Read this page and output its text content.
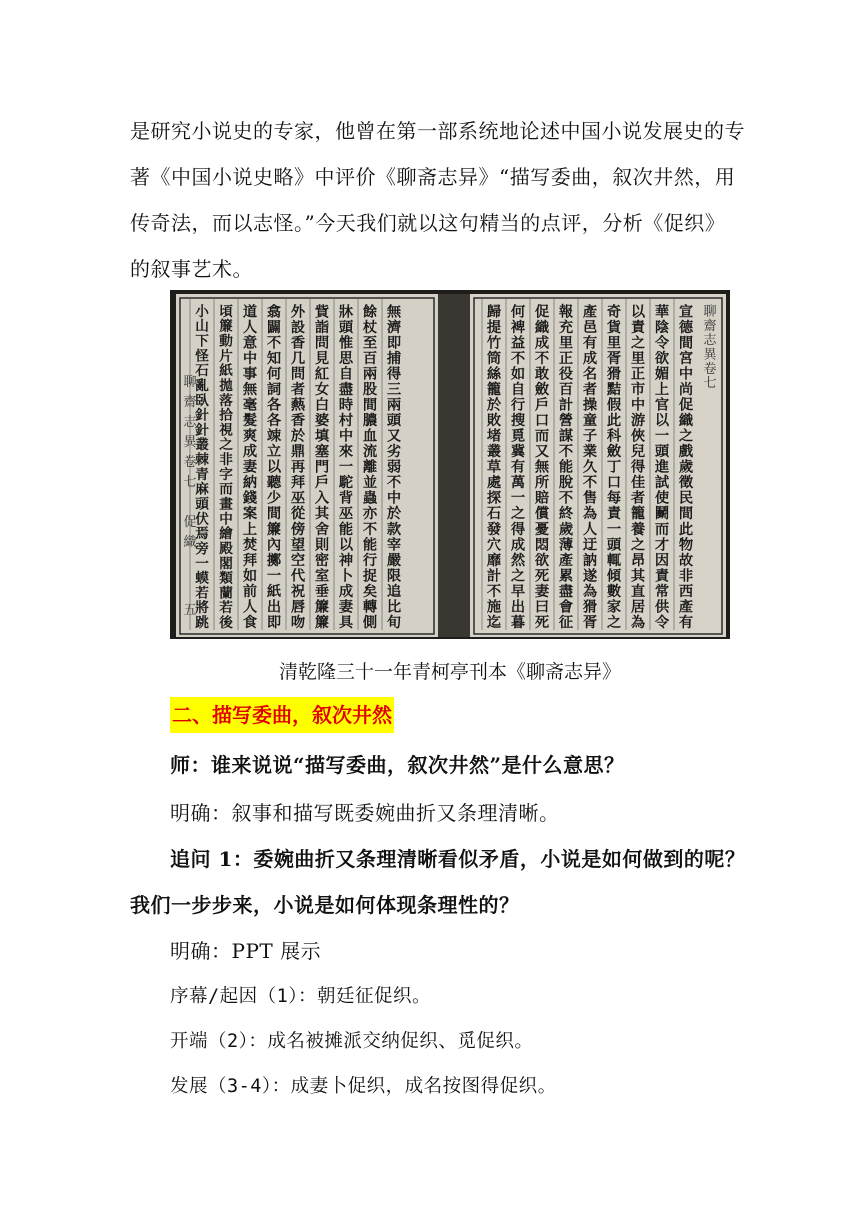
是研究小说史的专家，他曾在第一部系统地论述中国小说发展史的专
著《中国小说史略》中评价《聊斋志异》“描写委曲，叙次井然，用
传奇法，而以志怪。”今天我们就以这句精当的点评，分析《促织》
的叙事艺术。
無
濟
即
捕
得
三
兩
頭
又
劣
弱
不
中
於
款
宰
嚴
限
追
比
旬
餘
杖
至
百
兩
股
間
膿
血
流
離
並
蟲
亦
不
能
行
捉
矣
轉
側
牀
頭
惟
思
自
盡
時
村
中
來
一
駝
背
巫
能
以
神
卜
成
妻
具
貲
詣
問
見
紅
女
白
婆
填
塞
門
戶
入
其
舍
則
密
室
垂
簾
簾
外
設
香
几
問
者
爇
香
於
鼎
再
拜
巫
從
傍
望
空
代
祝
唇
吻
翕
闢
不
知
何
詞
各
各
竦
立
以
聽
少
間
簾
內
擲
一
紙
出
即
道
人
意
中
事
無
毫
髮
爽
成
妻
納
錢
案
上
焚
拜
如
前
人
食
頃
簾
動
片
紙
拋
落
拾
視
之
非
字
而
畫
中
繪
殿
閣
類
蘭
若
後
小
山
下
怪
石
亂
臥
針
針
叢
棘
青
麻
頭
伏
焉
旁
一
蟆
若
將
跳
聊
齋
志
異
卷
七
促
織
五
聊
齋
志
異
卷
七
宣
德
間
宮
中
尚
促
織
之
戲
歲
徵
民
間
此
物
故
非
西
產
有
華
陰
令
欲
媚
上
官
以
一
頭
進
試
使
鬭
而
才
因
責
常
供
令
以
責
之
里
正
市
中
游
俠
兒
得
佳
者
籠
養
之
昂
其
直
居
為
奇
貨
里
胥
猾
黠
假
此
科
斂
丁
口
每
責
一
頭
輒
傾
數
家
之
產
邑
有
成
名
者
操
童
子
業
久
不
售
為
人
迂
訥
遂
為
猾
胥
報
充
里
正
役
百
計
營
謀
不
能
脫
不
終
歲
薄
產
累
盡
會
征
促
織
成
不
敢
斂
戶
口
而
又
無
所
賠
償
憂
悶
欲
死
妻
曰
死
何
裨
益
不
如
自
行
搜
覓
冀
有
萬
一
之
得
成
然
之
早
出
暮
歸
提
竹
筒
絲
籠
於
敗
堵
叢
草
處
探
石
發
穴
靡
計
不
施
迄
清乾隆三十一年青柯亭刊本《聊斋志异》
二、描写委曲，叙次井然
师：谁来说说“描写委曲，叙次井然”是什么意思？
明确：叙事和描写既委婉曲折又条理清晰。
追问 1：委婉曲折又条理清晰看似矛盾，小说是如何做到的呢？
我们一步步来，小说是如何体现条理性的？
明确：PPT 展示
序幕/起因（1）：朝廷征促织。
开端（2）：成名被摊派交纳促织、觅促织。
发展（3-4）：成妻卜促织，成名按图得促织。
